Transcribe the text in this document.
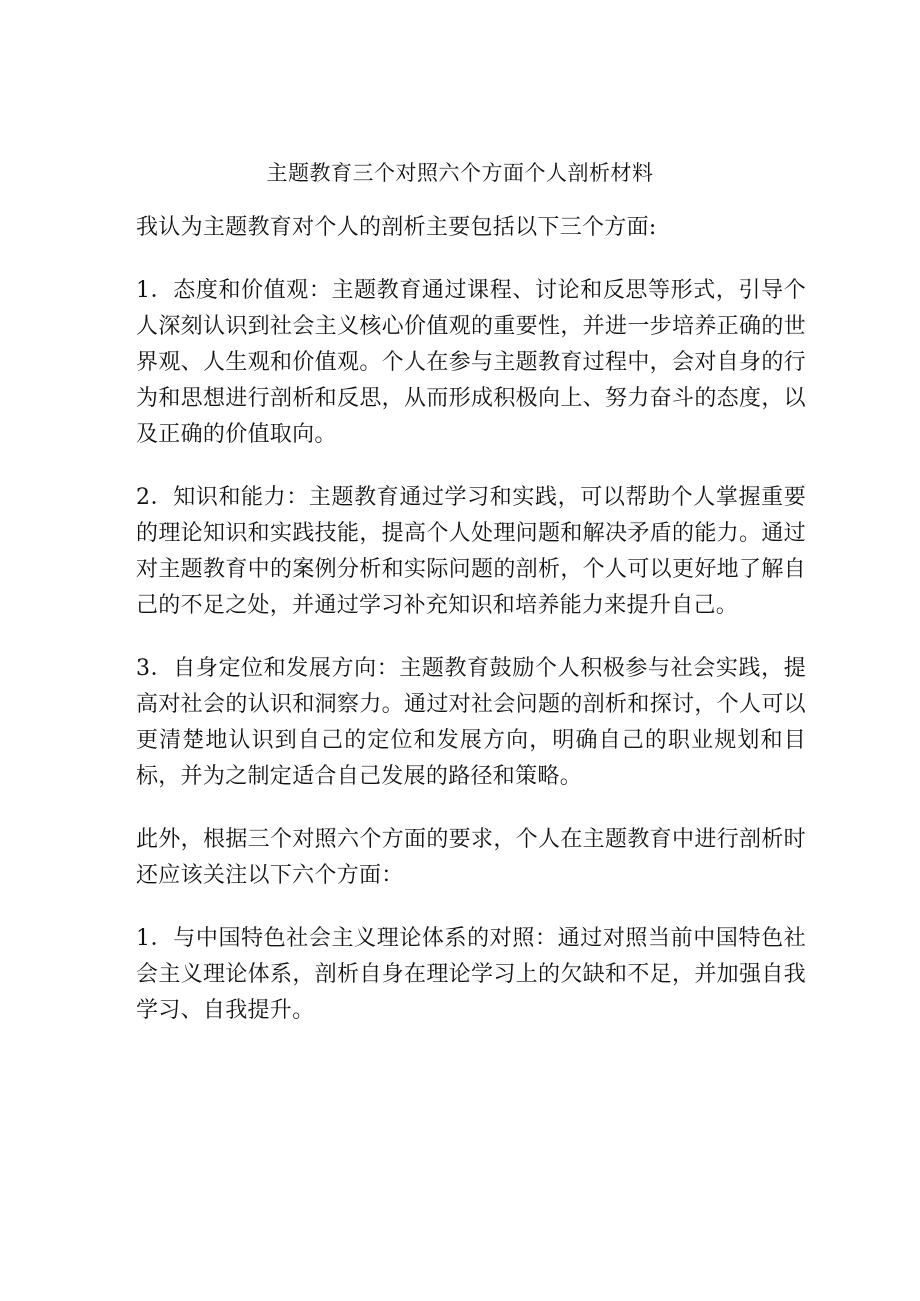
主题教育三个对照六个方面个人剖析材料

我认为主题教育对个人的剖析主要包括以下三个方面:

1．态度和价值观：主题教育通过课程、讨论和反思等形式，引导个人深刻认识到社会主义核心价值观的重要性，并进一步培养正确的世界观、人生观和价值观。个人在参与主题教育过程中，会对自身的行为和思想进行剖析和反思，从而形成积极向上、努力奋斗的态度，以及正确的价值取向。

2．知识和能力：主题教育通过学习和实践，可以帮助个人掌握重要的理论知识和实践技能，提高个人处理问题和解决矛盾的能力。通过对主题教育中的案例分析和实际问题的剖析，个人可以更好地了解自己的不足之处，并通过学习补充知识和培养能力来提升自己。

3．自身定位和发展方向：主题教育鼓励个人积极参与社会实践，提高对社会的认识和洞察力。通过对社会问题的剖析和探讨，个人可以更清楚地认识到自己的定位和发展方向，明确自己的职业规划和目标，并为之制定适合自己发展的路径和策略。

此外，根据三个对照六个方面的要求，个人在主题教育中进行剖析时还应该关注以下六个方面：

1．与中国特色社会主义理论体系的对照：通过对照当前中国特色社会主义理论体系，剖析自身在理论学习上的欠缺和不足，并加强自我学习、自我提升。
